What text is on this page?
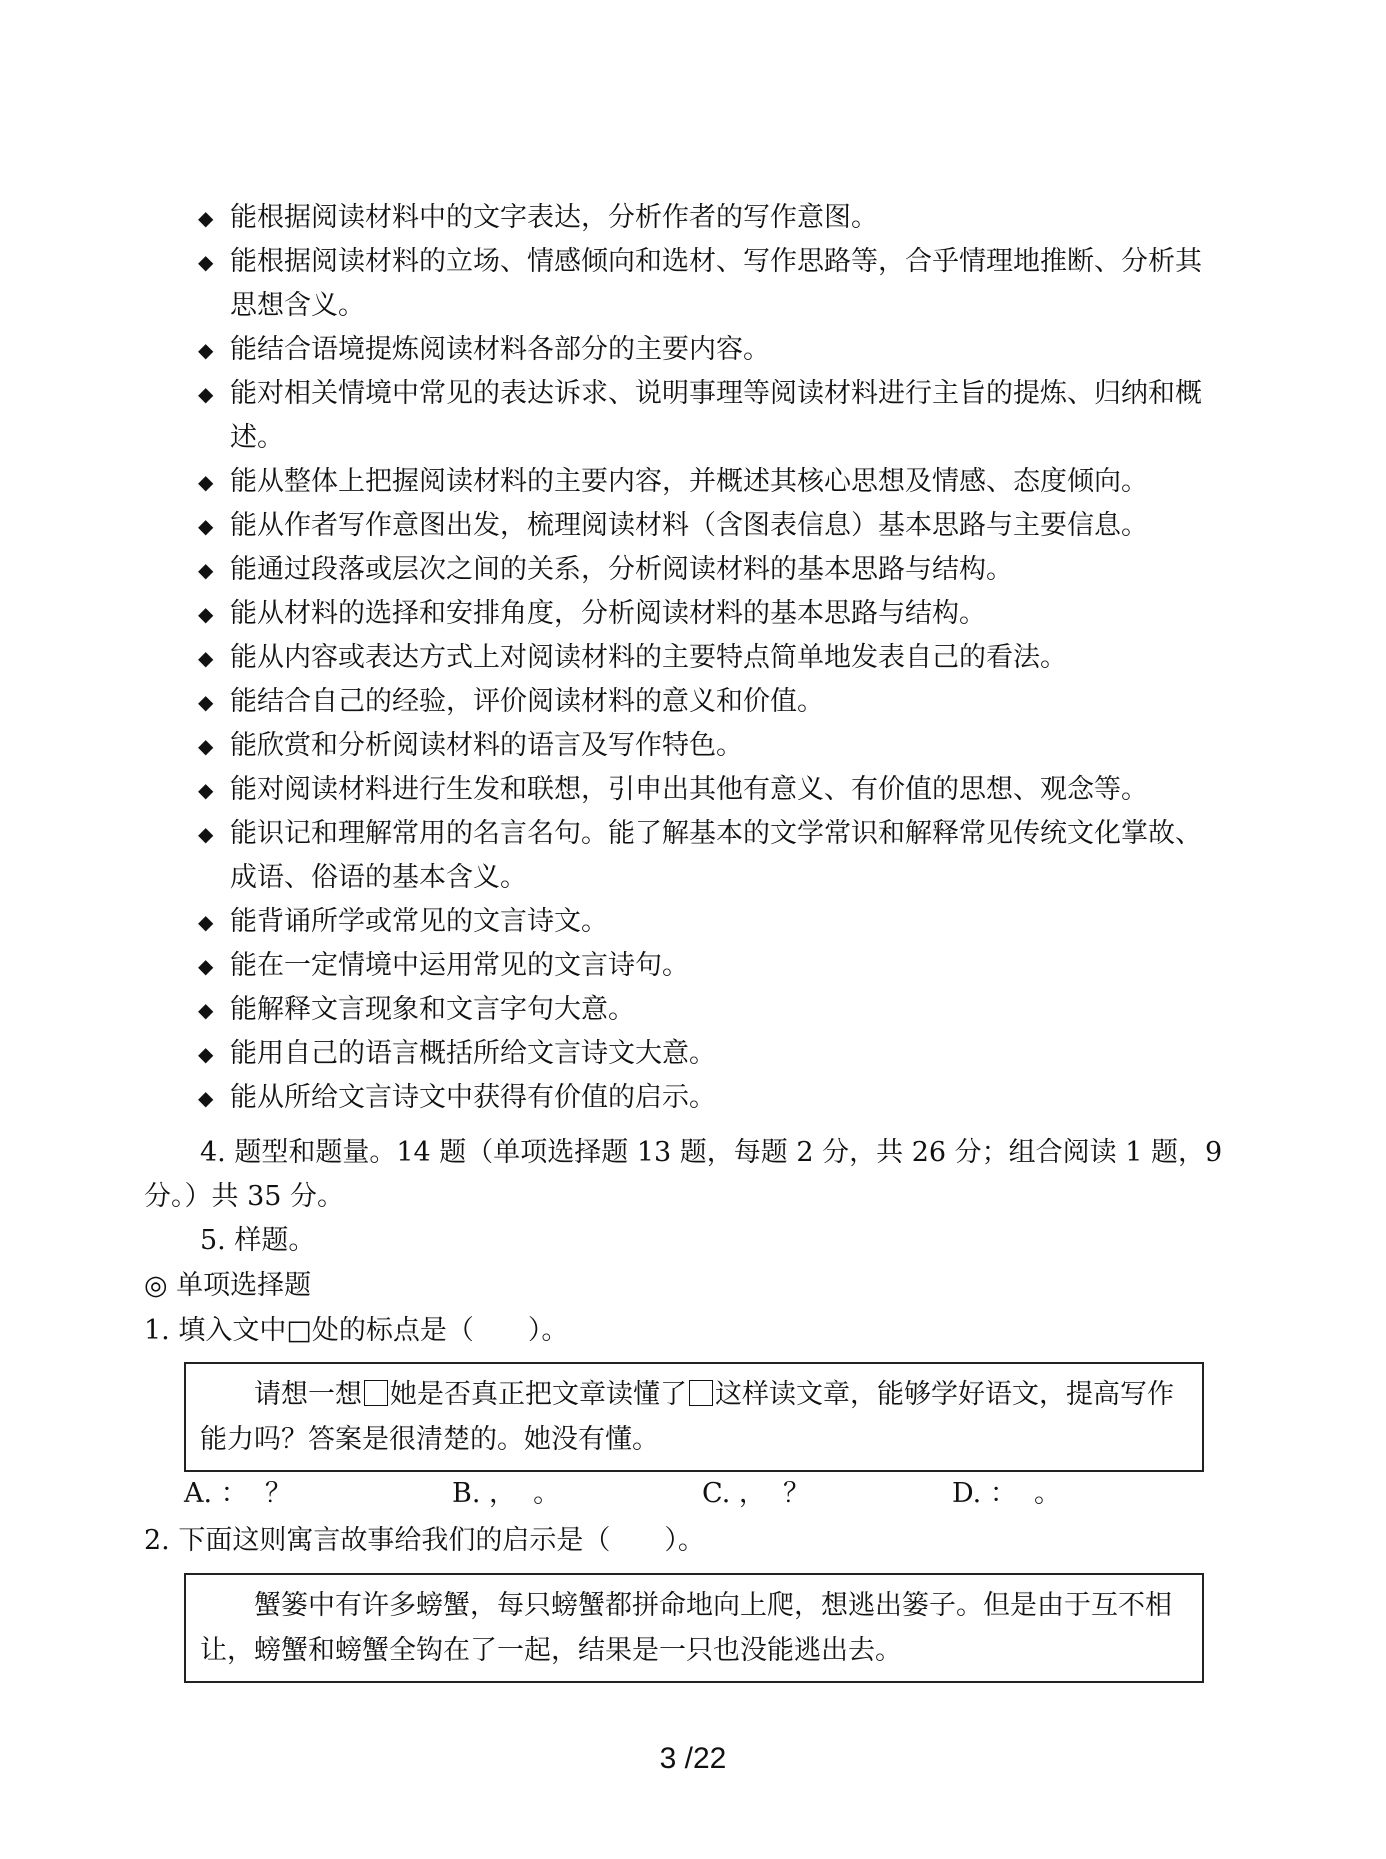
◆ 能根据阅读材料中的文字表达，分析作者的写作意图。

◆ 能根据阅读材料的立场、情感倾向和选材、写作思路等，合乎情理地推断、分析其思想含义。

◆ 能结合语境提炼阅读材料各部分的主要内容。

◆ 能对相关情境中常见的表达诉求、说明事理等阅读材料进行主旨的提炼、归纳和概述。

◆ 能从整体上把握阅读材料的主要内容，并概述其核心思想及情感、态度倾向。

◆ 能从作者写作意图出发，梳理阅读材料（含图表信息）基本思路与主要信息。

◆ 能通过段落或层次之间的关系，分析阅读材料的基本思路与结构。

◆ 能从材料的选择和安排角度，分析阅读材料的基本思路与结构。

◆ 能从内容或表达方式上对阅读材料的主要特点简单地发表自己的看法。

◆ 能结合自己的经验，评价阅读材料的意义和价值。

◆ 能欣赏和分析阅读材料的语言及写作特色。

◆ 能对阅读材料进行生发和联想，引申出其他有意义、有价值的思想、观念等。

◆ 能识记和理解常用的名言名句。能了解基本的文学常识和解释常见传统文化掌故、成语、俗语的基本含义。

◆ 能背诵所学或常见的文言诗文。

◆ 能在一定情境中运用常见的文言诗句。

◆ 能解释文言现象和文言字句大意。

◆ 能用自己的语言概括所给文言诗文大意。

◆ 能从所给文言诗文中获得有价值的启示。

4. 题型和题量。14 题（单项选择题 13 题，每题 2 分，共 26 分；组合阅读 1 题，9

分。）共 35 分。

5. 样题。

◎ 单项选择题

1. 填入文中□处的标点是（　　）。

请想一想 她是否真正把文章读懂了 这样读文章，能够学好语文，提高写作能力吗？答案是很清楚的。她没有懂。

A. ：  ？	B. ，  。	C. ，  ？	D. ：  。

2. 下面这则寓言故事给我们的启示是（　　）。

蟹篓中有许多螃蟹，每只螃蟹都拼命地向上爬，想逃出篓子。但是由于互不相让，螃蟹和螃蟹全钩在了一起，结果是一只也没能逃出去。

3 /22
